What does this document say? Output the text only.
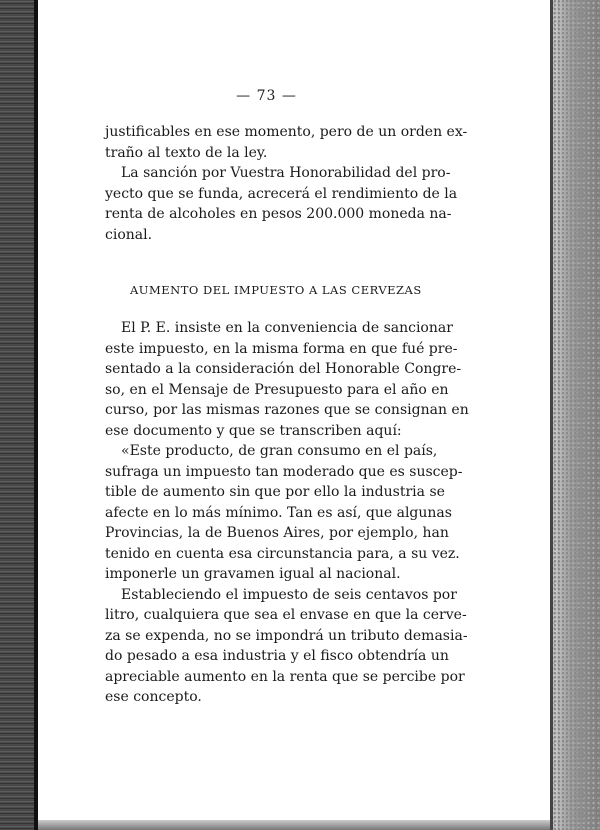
— 73 —
justificables en ese momento, pero de un orden ex-
traño al texto de la ley.
La sanción por Vuestra Honorabilidad del pro-
yecto que se funda, acrecerá el rendimiento de la
renta de alcoholes en pesos 200.000 moneda na-
cional.
AUMENTO DEL IMPUESTO A LAS CERVEZAS
El P. E. insiste en la conveniencia de sancionar
este impuesto, en la misma forma en que fué pre-
sentado a la consideración del Honorable Congre-
so, en el Mensaje de Presupuesto para el año en
curso, por las mismas razones que se consignan en
ese documento y que se transcriben aquí:
«Este producto, de gran consumo en el país,
sufraga un impuesto tan moderado que es suscep-
tible de aumento sin que por ello la industria se
afecte en lo más mínimo. Tan es así, que algunas
Provincias, la de Buenos Aires, por ejemplo, han
tenido en cuenta esa circunstancia para, a su vez.
imponerle un gravamen igual al nacional.
Estableciendo el impuesto de seis centavos por
litro, cualquiera que sea el envase en que la cerve-
za se expenda, no se impondrá un tributo demasia-
do pesado a esa industria y el fisco obtendría un
apreciable aumento en la renta que se percibe por
ese concepto.
